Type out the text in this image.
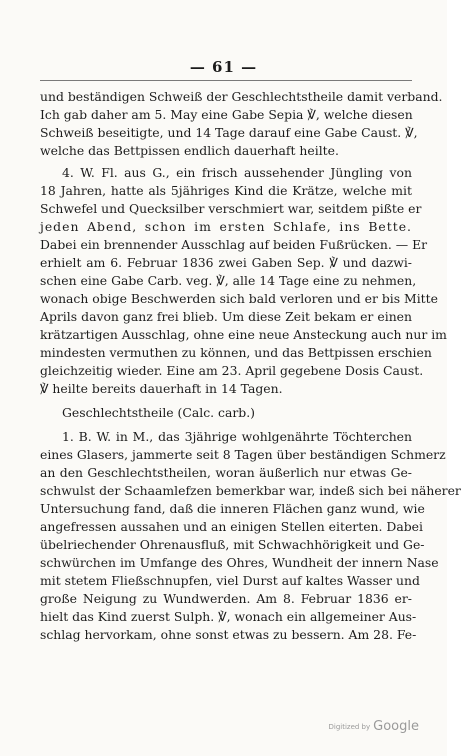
— 61 —
und beständigen Schweiß der Geschlechtstheile damit verband.
Ich gab daher am 5. May eine Gabe Sepia ℣, welche diesen
Schweiß beseitigte, und 14 Tage darauf eine Gabe Caust. ℣,
welche das Bettpissen endlich dauerhaft heilte.
4. W. Fl. aus G., ein frisch aussehender Jüngling von
18 Jahren, hatte als 5jähriges Kind die Krätze, welche mit
Schwefel und Quecksilber verschmiert war, seitdem pißte er
jeden Abend, schon im ersten Schlafe, ins Bette.
Dabei ein brennender Ausschlag auf beiden Fußrücken. — Er
erhielt am 6. Februar 1836 zwei Gaben Sep. ℣ und dazwi-
schen eine Gabe Carb. veg. ℣, alle 14 Tage eine zu nehmen,
wonach obige Beschwerden sich bald verloren und er bis Mitte
Aprils davon ganz frei blieb. Um diese Zeit bekam er einen
krätzartigen Ausschlag, ohne eine neue Ansteckung auch nur im
mindesten vermuthen zu können, und das Bettpissen erschien
gleichzeitig wieder. Eine am 23. April gegebene Dosis Caust.
℣ heilte bereits dauerhaft in 14 Tagen.
Geschlechtstheile (Calc. carb.)
1. B. W. in M., das 3jährige wohlgenährte Töchterchen
eines Glasers, jammerte seit 8 Tagen über beständigen Schmerz
an den Geschlechtstheilen, woran äußerlich nur etwas Ge-
schwulst der Schaamlefzen bemerkbar war, indeß sich bei näherer
Untersuchung fand, daß die inneren Flächen ganz wund, wie
angefressen aussahen und an einigen Stellen eiterten. Dabei
übelriechender Ohrenausfluß, mit Schwachhörigkeit und Ge-
schwürchen im Umfange des Ohres, Wundheit der innern Nase
mit stetem Fließschnupfen, viel Durst auf kaltes Wasser und
große Neigung zu Wundwerden. Am 8. Februar 1836 er-
hielt das Kind zuerst Sulph. ℣, wonach ein allgemeiner Aus-
schlag hervorkam, ohne sonst etwas zu bessern. Am 28. Fe-
Digitized by Google
